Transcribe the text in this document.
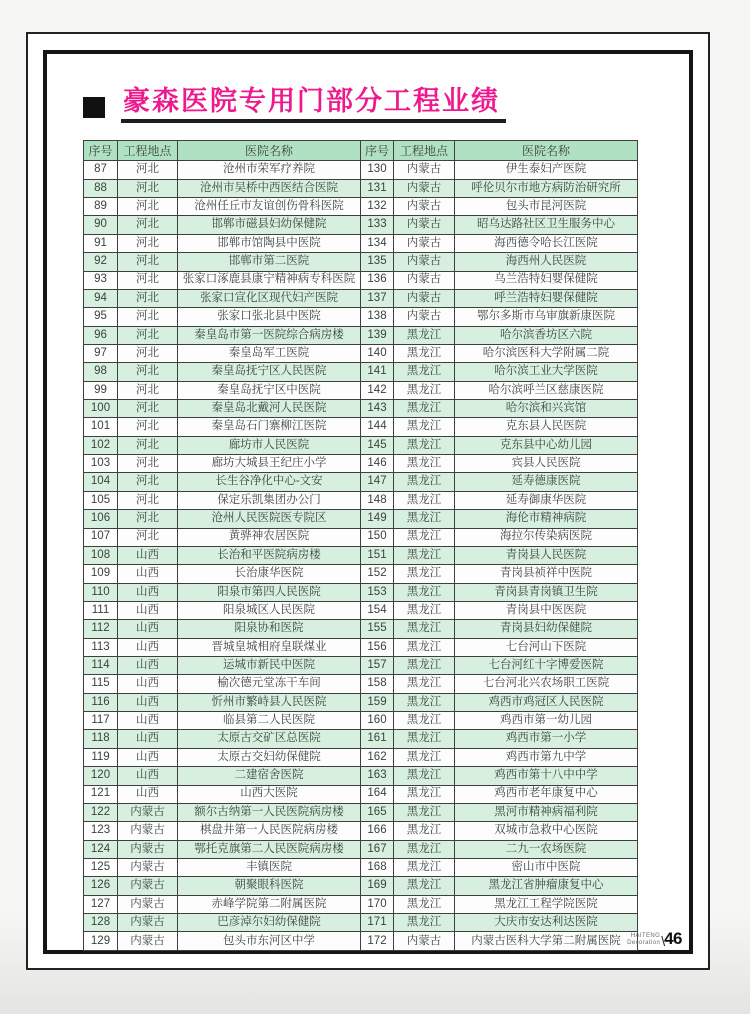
豪森医院专用门部分工程业绩
序号	工程地点	医院名称	序号	工程地点	医院名称
87	河北	沧州市荣军疗养院	130	内蒙古	伊生泰妇产医院
88	河北	沧州市吴桥中西医结合医院	131	内蒙古	呼伦贝尔市地方病防治研究所
89	河北	沧州任丘市友谊创伤骨科医院	132	内蒙古	包头市昆河医院
90	河北	邯郸市磁县妇幼保健院	133	内蒙古	昭乌达路社区卫生服务中心
91	河北	邯郸市馆陶县中医院	134	内蒙古	海西德令哈长江医院
92	河北	邯郸市第二医院	135	内蒙古	海西州人民医院
93	河北	张家口涿鹿县康宁精神病专科医院	136	内蒙古	乌兰浩特妇婴保健院
94	河北	张家口宣化区现代妇产医院	137	内蒙古	呼兰浩特妇婴保健院
95	河北	张家口张北县中医院	138	内蒙古	鄂尔多斯市乌审旗新康医院
96	河北	秦皇岛市第一医院综合病房楼	139	黑龙江	哈尔滨香坊区六院
97	河北	秦皇岛军工医院	140	黑龙江	哈尔滨医科大学附属二院
98	河北	秦皇岛抚宁区人民医院	141	黑龙江	哈尔滨工业大学医院
99	河北	秦皇岛抚宁区中医院	142	黑龙江	哈尔滨呼兰区慈康医院
100	河北	秦皇岛北戴河人民医院	143	黑龙江	哈尔滨和兴宾馆
101	河北	秦皇岛石门寨柳江医院	144	黑龙江	克东县人民医院
102	河北	廊坊市人民医院	145	黑龙江	克东县中心幼儿园
103	河北	廊坊大城县王纪庄小学	146	黑龙江	宾县人民医院
104	河北	长生谷净化中心-文安	147	黑龙江	延寿德康医院
105	河北	保定乐凯集团办公门	148	黑龙江	延寿御康华医院
106	河北	沧州人民医院医专院区	149	黑龙江	海伦市精神病院
107	河北	黄骅神农居医院	150	黑龙江	海拉尔传染病医院
108	山西	长治和平医院病房楼	151	黑龙江	青岗县人民医院
109	山西	长治康华医院	152	黑龙江	青岗县祯祥中医院
110	山西	阳泉市第四人民医院	153	黑龙江	青岗县青岗镇卫生院
111	山西	阳泉城区人民医院	154	黑龙江	青岗县中医医院
112	山西	阳泉协和医院	155	黑龙江	青岗县妇幼保健院
113	山西	晋城皇城相府皇联煤业	156	黑龙江	七台河山下医院
114	山西	运城市新民中医院	157	黑龙江	七台河红十字博爱医院
115	山西	榆次德元堂冻干车间	158	黑龙江	七台河北兴农场职工医院
116	山西	忻州市繁峙县人民医院	159	黑龙江	鸡西市鸡冠区人民医院
117	山西	临县第二人民医院	160	黑龙江	鸡西市第一幼儿园
118	山西	太原古交矿区总医院	161	黑龙江	鸡西市第一小学
119	山西	太原古交妇幼保健院	162	黑龙江	鸡西市第九中学
120	山西	二建宿舍医院	163	黑龙江	鸡西市第十八中中学
121	山西	山西大医院	164	黑龙江	鸡西市老年康复中心
122	内蒙古	额尔古纳第一人民医院病房楼	165	黑龙江	黑河市精神病福利院
123	内蒙古	棋盘井第一人民医院病房楼	166	黑龙江	双城市急救中心医院
124	内蒙古	鄂托克旗第二人民医院病房楼	167	黑龙江	二九一农场医院
125	内蒙古	丰镇医院	168	黑龙江	密山市中医院
126	内蒙古	朝聚眼科医院	169	黑龙江	黑龙江省肿瘤康复中心
127	内蒙古	赤峰学院第二附属医院	170	黑龙江	黑龙江工程学院医院
128	内蒙古	巴彦淖尔妇幼保健院	171	黑龙江	大庆市安达利达医院
129	内蒙古	包头市东河区中学	172	内蒙古	内蒙古医科大学第二附属医院	HAITENG
Decoration \ 46
